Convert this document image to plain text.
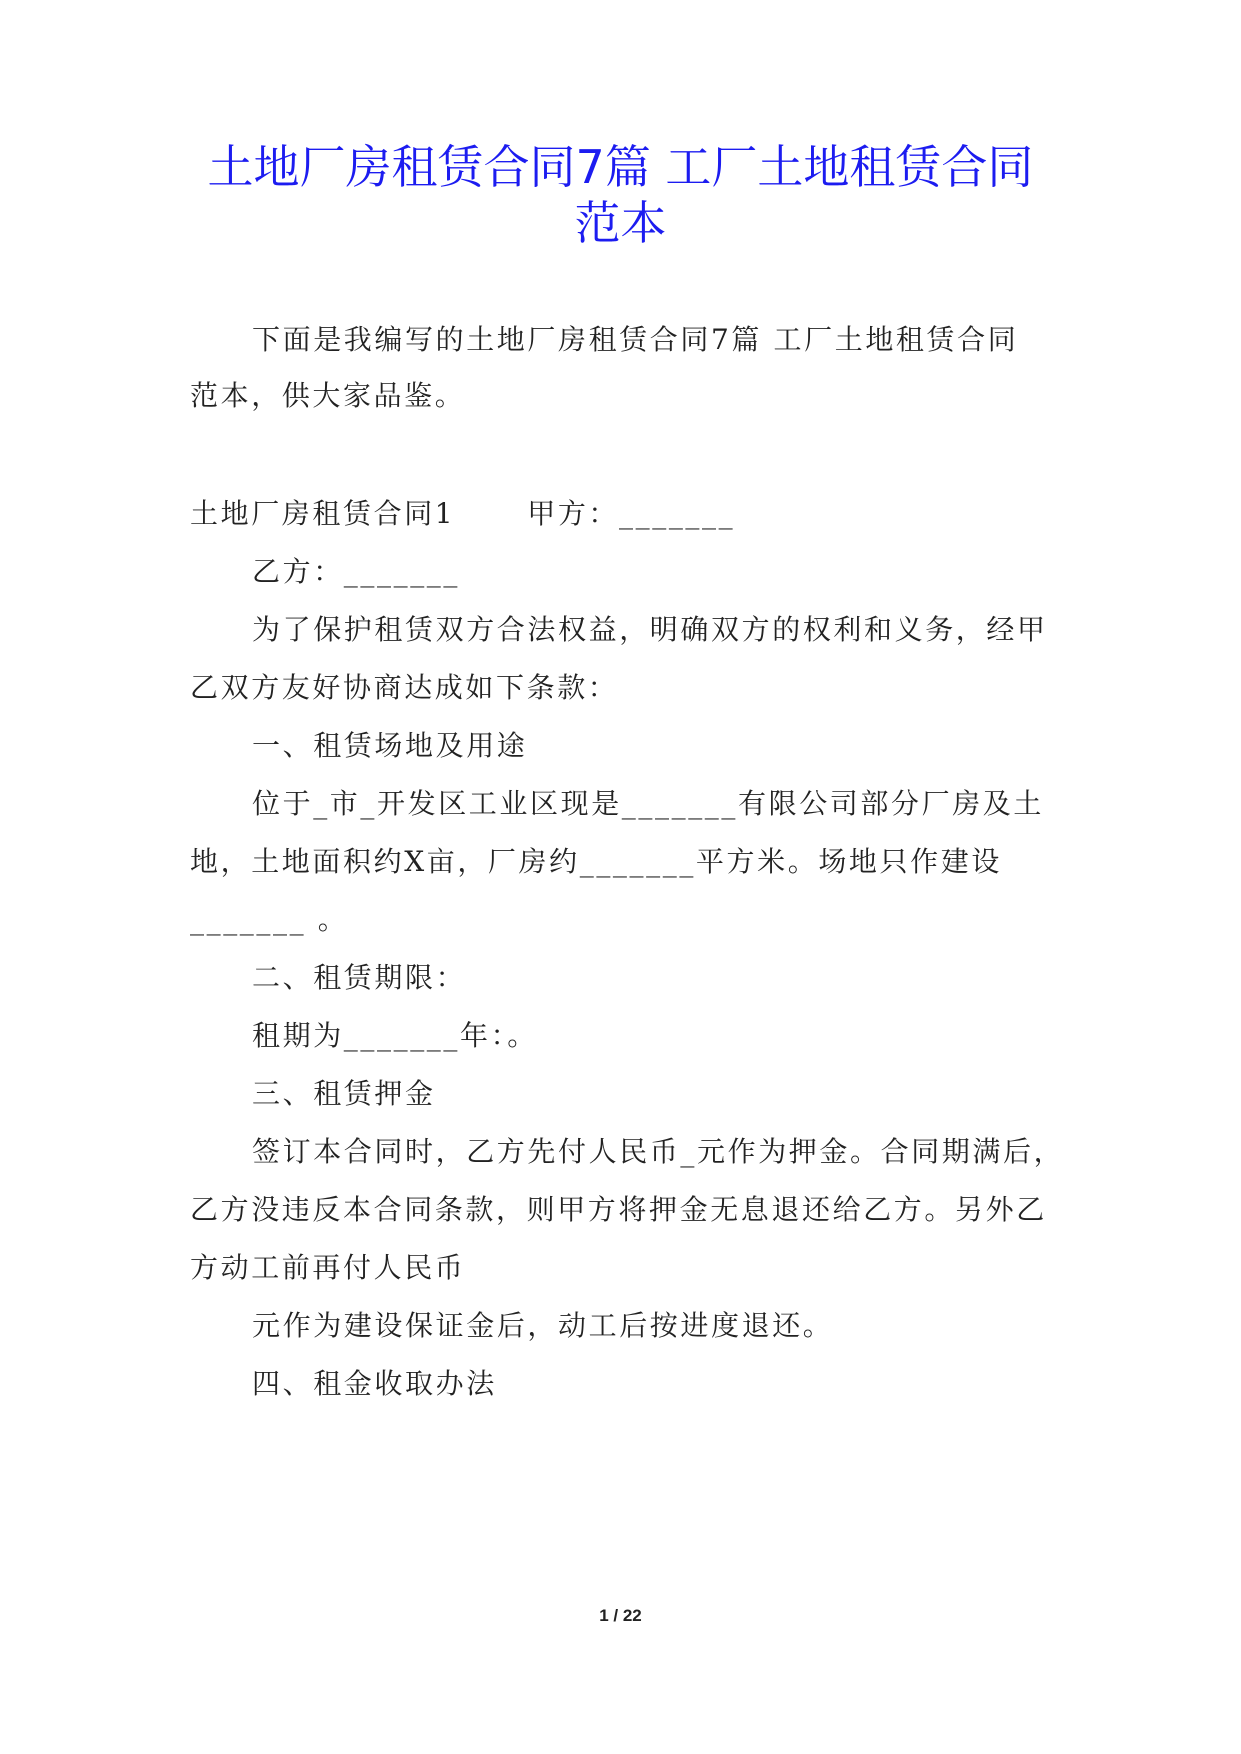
土地厂房租赁合同7篇 工厂土地租赁合同
范本

下面是我编写的土地厂房租赁合同7篇 工厂土地租赁合同

范本，供大家品鉴。

土地厂房租赁合同1	甲方：_______

乙方：_______

为了保护租赁双方合法权益，明确双方的权利和义务，经甲

乙双方友好协商达成如下条款：

一、租赁场地及用途

位于_市_开发区工业区现是_______有限公司部分厂房及土

地，土地面积约X亩，厂房约_______平方米。场地只作建设

_______ 。

二、租赁期限：

租期为_______年：。

三、租赁押金

签订本合同时，乙方先付人民币_元作为押金。合同期满后，

乙方没违反本合同条款，则甲方将押金无息退还给乙方。另外乙

方动工前再付人民币

元作为建设保证金后，动工后按进度退还。

四、租金收取办法

1 / 22
